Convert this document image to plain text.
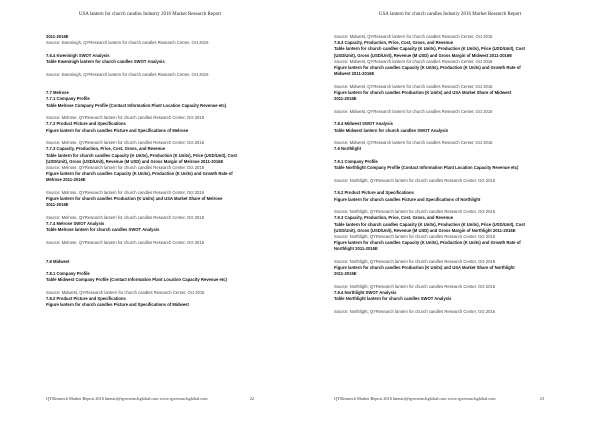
USA lantern for church candles Industry 2016 Market Research Report
2011-2016E
Source: Kweninigh, QYResearch lantern for church candles Research Center, Oct 2016
7.6.4 Kweninigh SWOT Analysis
Table Kweninigh lantern for church candles SWOT Analysis
Source: Kweninigh, QYResearch lantern for church candles Research Center, Oct 2016
7.7 Melrose
7.7.1 Company Profile
Table Melrose Company Profile (Contact Information Plant Location Capacity Revenue etc)
Source: Melrose, QYResearch lantern for church candles Research Center, Oct 2016
7.7.2 Product Picture and Specifications
Figure lantern for church candles Picture and Specifications of Melrose
Source: Melrose, QYResearch lantern for church candles Research Center, Oct 2016
7.7.3 Capacity, Production, Price, Cost, Gross, and Revenue
Table lantern for church candles Capacity (K Units), Production (K Units), Price (USD/Unit), Cost
(USD/Unit), Gross (USD/Unit), Revenue (M USD) and Gross Margin of Melrose 2011-2016E
Source: Melrose, QYResearch lantern for church candles Research Center, Oct 2016
Figure lantern for church candles Capacity (K Units), Production (K Units) and Growth Rate of
Melrose 2011-2016E
Source: Melrose, QYResearch lantern for church candles Research Center, Oct 2016
Figure lantern for church candles Production (K Units) and USA Market Share of Melrose
2011-2016E
Source: Melrose, QYResearch lantern for church candles Research Center, Oct 2016
7.7.4 Melrose SWOT Analysis
Table Melrose lantern for church candles SWOT Analysis
Source: Melrose, QYResearch lantern for church candles Research Center, Oct 2016
7.8 Midwest
7.8.1 Company Profile
Table Midwest Company Profile (Contact Information Plant Location Capacity Revenue etc)
Source: Midwest, QYResearch lantern for church candles Research Center, Oct 2016
7.8.2 Product Picture and Specifications
Figure lantern for church candles Picture and Specifications of Midwest
QYResearch Market Report 2016 hmeart@qyresearchglobal.com www.qyresearchglobal.com	22
USA lantern for church candles Industry 2016 Market Research Report
Source: Midwest, QYResearch lantern for church candles Research Center, Oct 2016
7.8.3 Capacity, Production, Price, Cost, Gross, and Revenue
Table lantern for church candles Capacity (K Units), Production (K Units), Price (USD/Unit), Cost
(USD/Unit), Gross (USD/Unit), Revenue (M USD) and Gross Margin of Midwest 2011-2016E
Source: Midwest, QYResearch lantern for church candles Research Center, Oct 2016
Figure lantern for church candles Capacity (K Units), Production (K Units) and Growth Rate of
Midwest 2011-2016E
Source: Midwest, QYResearch lantern for church candles Research Center, Oct 2016
Figure lantern for church candles Production (K Units) and USA Market Share of Midwest
2011-2016E
Source: Midwest, QYResearch lantern for church candles Research Center, Oct 2016
7.8.4 Midwest SWOT Analysis
Table Midwest lantern for church candles SWOT Analysis
Source: Midwest, QYResearch lantern for church candles Research Center, Oct 2016
7.9 Northlight
7.9.1 Company Profile
Table Northlight Company Profile (Contact Information Plant Location Capacity Revenue etc)
Source: Northlight, QYResearch lantern for church candles Research Center, Oct 2016
7.9.2 Product Picture and Specifications
Figure lantern for church candles Picture and Specifications of Northlight
Source: Northlight, QYResearch lantern for church candles Research Center, Oct 2016
7.9.3 Capacity, Production, Price, Cost, Gross, and Revenue
Table lantern for church candles Capacity (K Units), Production (K Units), Price (USD/Unit), Cost
(USD/Unit), Gross (USD/Unit), Revenue (M USD) and Gross Margin of Northlight 2011-2016E
Source: Northlight, QYResearch lantern for church candles Research Center, Oct 2016
Figure lantern for church candles Capacity (K Units), Production (K Units) and Growth Rate of
Northlight 2011-2016E
Source: Northlight, QYResearch lantern for church candles Research Center, Oct 2016
Figure lantern for church candles Production (K Units) and USA Market Share of Northlight
2011-2016E
Source: Northlight, QYResearch lantern for church candles Research Center, Oct 2016
7.9.4 Northlight SWOT Analysis
Table Northlight lantern for church candles SWOT Analysis
Source: Northlight, QYResearch lantern for church candles Research Center, Oct 2016
QYResearch Market Report 2016 hmeart@qyresearchglobal.com www.qyresearchglobal.com	23
